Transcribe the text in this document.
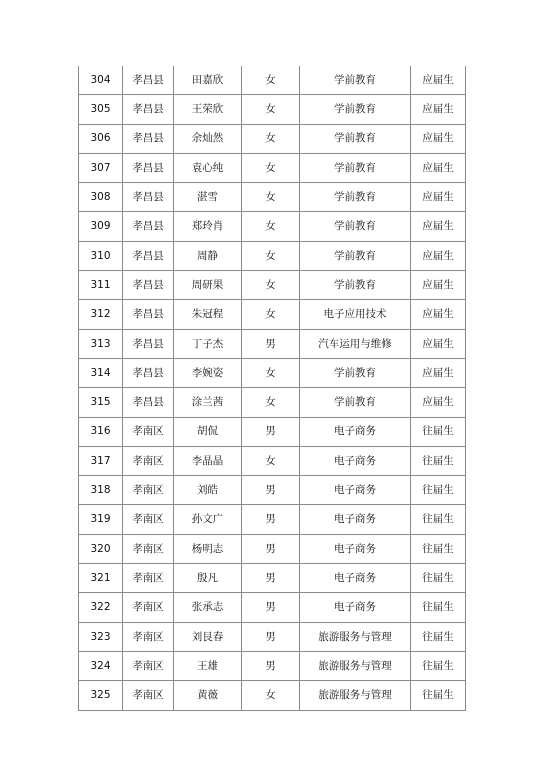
304	孝昌县	田嘉欣	女	学前教育	应届生
305	孝昌县	王荣欣	女	学前教育	应届生
306	孝昌县	余灿然	女	学前教育	应届生
307	孝昌县	袁心纯	女	学前教育	应届生
308	孝昌县	湛雪	女	学前教育	应届生
309	孝昌县	郑玲肖	女	学前教育	应届生
310	孝昌县	周静	女	学前教育	应届生
311	孝昌县	周研果	女	学前教育	应届生
312	孝昌县	朱冠程	女	电子应用技术	应届生
313	孝昌县	丁子杰	男	汽车运用与维修	应届生
314	孝昌县	李婉姿	女	学前教育	应届生
315	孝昌县	涂兰茜	女	学前教育	应届生
316	孝南区	胡侃	男	电子商务	往届生
317	孝南区	李晶晶	女	电子商务	往届生
318	孝南区	刘皓	男	电子商务	往届生
319	孝南区	孙文广	男	电子商务	往届生
320	孝南区	杨明志	男	电子商务	往届生
321	孝南区	殷凡	男	电子商务	往届生
322	孝南区	张承志	男	电子商务	往届生
323	孝南区	刘艮春	男	旅游服务与管理	往届生
324	孝南区	王雄	男	旅游服务与管理	往届生
325	孝南区	黄薇	女	旅游服务与管理	往届生
